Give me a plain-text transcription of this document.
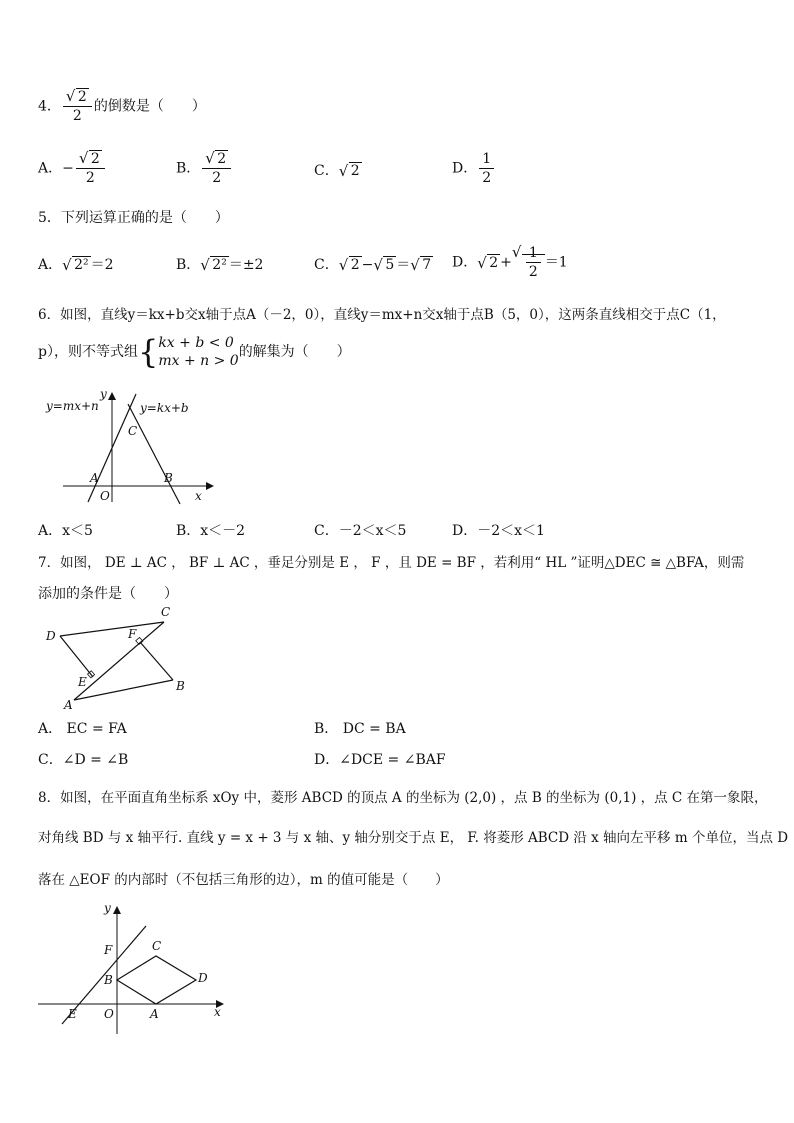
4． √ $\frac{2}{2}$ 的倒数是（　　）
A．− √ $\frac{2}{2}$	B． √ $\frac{2}{2}$	C． √ 2	D． $\frac{1}{2}$
5．下列运算正确的是（　　）
A． √ 2² ＝2	B． √ 2² ＝±2	C． √ 2 − √ 5 ＝ √ 7 D． √ 2 + √ $\frac{1}{2} =1$
6．如图，直线y＝kx+b交x轴于点A（－2，0），直线y＝mx+n交x轴于点B（5，0），这两条直线相交于点C（1，
p），则不等式组{ kx + b < 0
mx + n > 0
的解集为（　　）
y=mx+n	y=kx+b
y
x
C
A	B
O
A．x＜5	B．x＜－2	C．－2＜x＜5	D．－2＜x＜1
7．如图， DE ⊥ AC ， BF ⊥ AC ，垂足分别是 E ， F ，且 DE = BF ，若利用“ HL ”证明△DEC ≅ △BFA，则需
添加的条件是（　　）
D
C
F
E
A
B
A． EC = FA	B． DC = BA
C．∠D = ∠B	D．∠DCE = ∠BAF
8．如图，在平面直角坐标系 xOy 中，菱形 ABCD 的顶点 A 的坐标为 (2,0) ，点 B 的坐标为 (0,1) ，点 C 在第一象限，
对角线 BD 与 x 轴平行. 直线 y = x + 3 与 x 轴、y 轴分别交于点 E， F. 将菱形 ABCD 沿 x 轴向左平移 m 个单位，当点 D
落在 △EOF 的内部时（不包括三角形的边），m 的值可能是（　　）
y
x
F	C
B	D
E O	A
